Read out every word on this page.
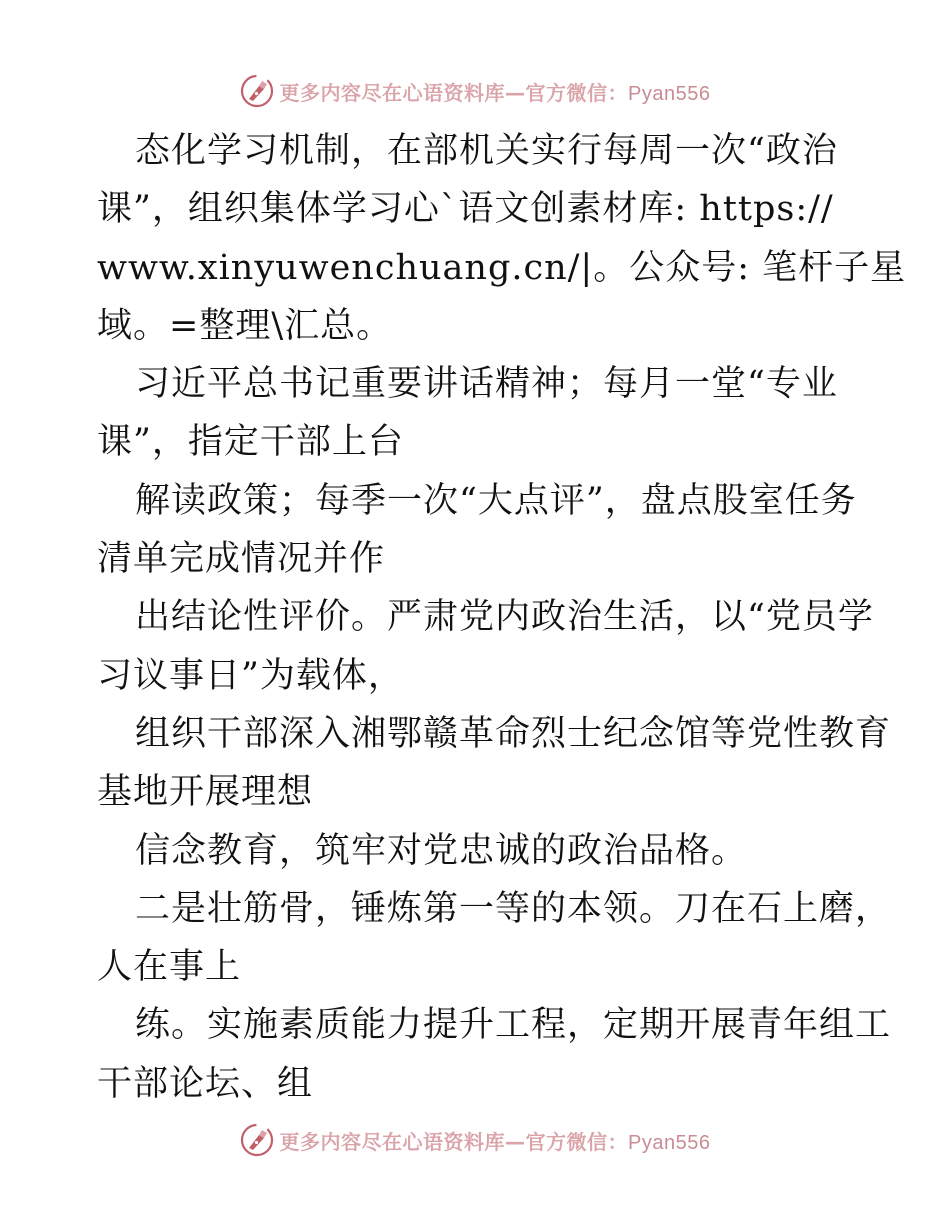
更多内容尽在心语资料库—官方微信：Pyan556
态化学习机制，在部机关实行每周一次“政治
课”，组织集体学习心`语文创素材库: https://
www.xinyuwenchuang.cn/|。公众号: 笔杆子星
域。=整理\汇总。
习近平总书记重要讲话精神；每月一堂“专业
课”，指定干部上台
解读政策；每季一次“大点评”，盘点股室任务
清单完成情况并作
出结论性评价。严肃党内政治生活，以“党员学
习议事日”为载体，
组织干部深入湘鄂赣革命烈士纪念馆等党性教育
基地开展理想
信念教育，筑牢对党忠诚的政治品格。
二是壮筋骨，锤炼第一等的本领。刀在石上磨，
人在事上
练。实施素质能力提升工程，定期开展青年组工
干部论坛、组
更多内容尽在心语资料库—官方微信：Pyan556
